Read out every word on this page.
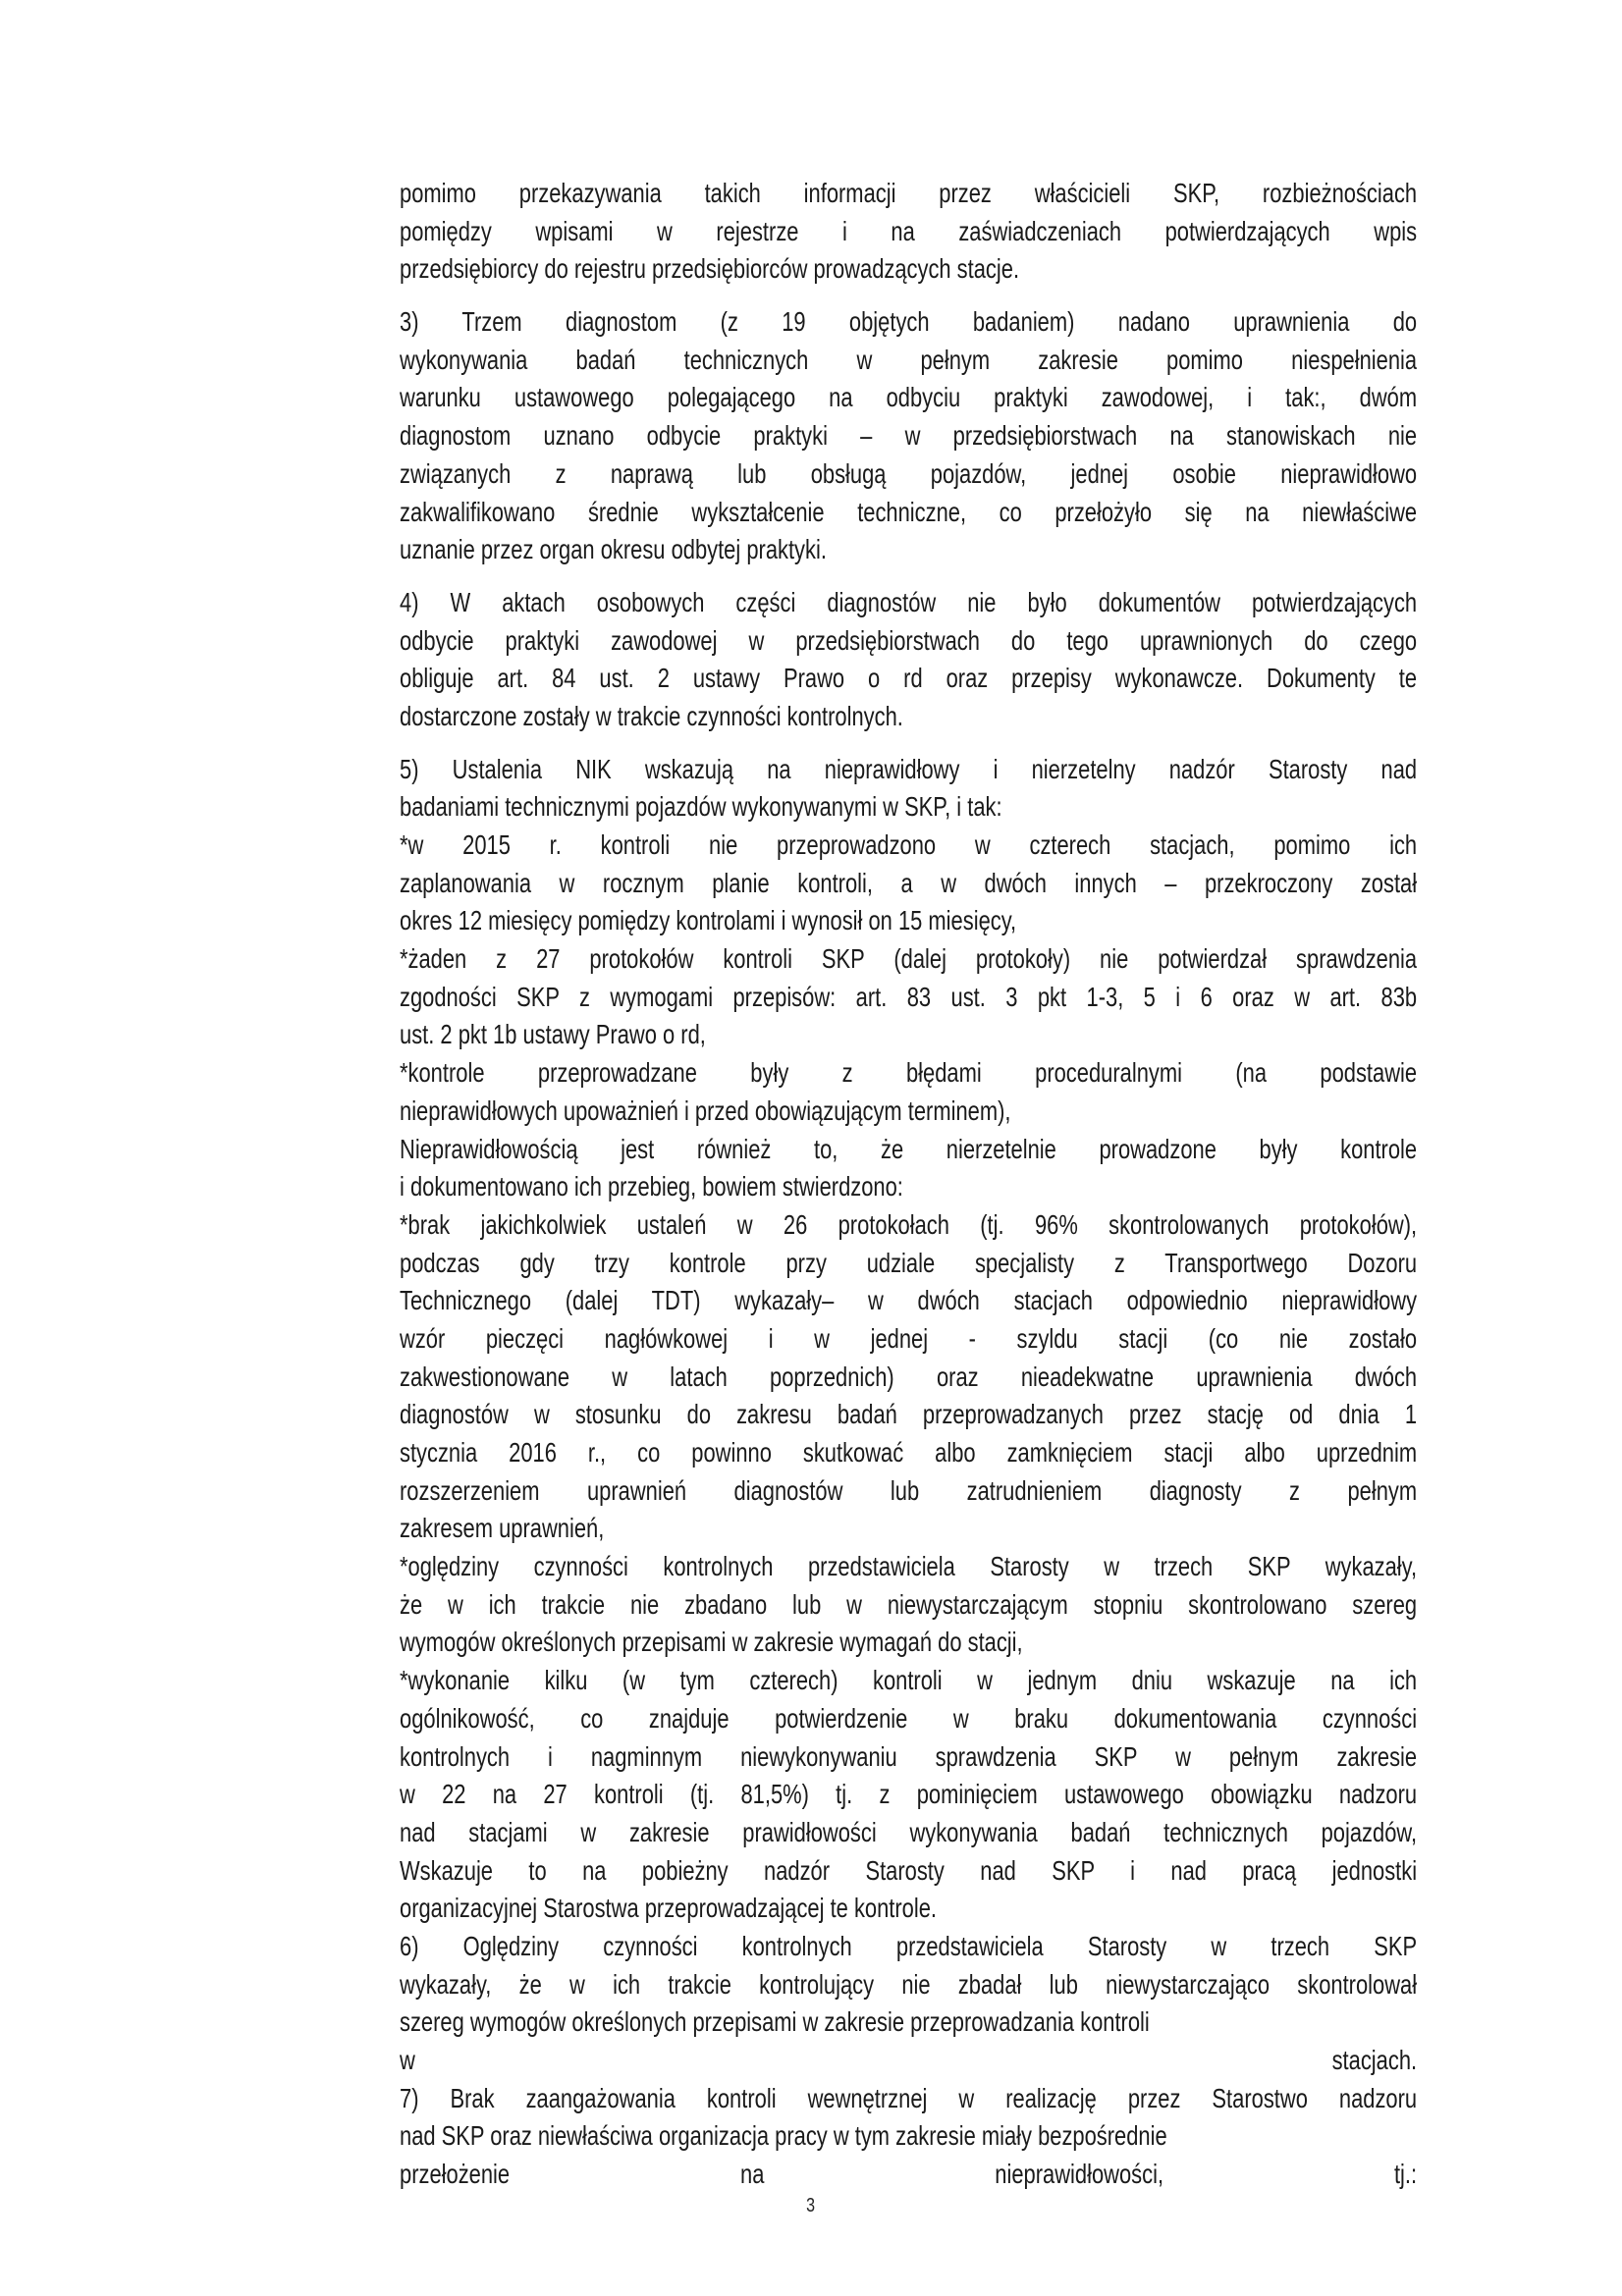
pomimo przekazywania takich informacji przez właścicieli SKP, rozbieżnościach
pomiędzy wpisami w rejestrze i na zaświadczeniach potwierdzających wpis
przedsiębiorcy do rejestru przedsiębiorców prowadzących stacje.
3) Trzem diagnostom (z 19 objętych badaniem) nadano uprawnienia do
wykonywania badań technicznych w pełnym zakresie pomimo niespełnienia
warunku ustawowego polegającego na odbyciu praktyki zawodowej, i tak:, dwóm
diagnostom uznano odbycie praktyki – w przedsiębiorstwach na stanowiskach nie
związanych z naprawą lub obsługą pojazdów, jednej osobie nieprawidłowo
zakwalifikowano średnie wykształcenie techniczne, co przełożyło się na niewłaściwe
uznanie przez organ okresu odbytej praktyki.
4) W aktach osobowych części diagnostów nie było dokumentów potwierdzających
odbycie praktyki zawodowej w przedsiębiorstwach do tego uprawnionych do czego
obliguje art. 84 ust. 2 ustawy Prawo o rd oraz przepisy wykonawcze. Dokumenty te
dostarczone zostały w trakcie czynności kontrolnych.
5) Ustalenia NIK wskazują na nieprawidłowy i nierzetelny nadzór Starosty nad
badaniami technicznymi pojazdów wykonywanymi w SKP, i tak:
*w 2015 r. kontroli nie przeprowadzono w czterech stacjach, pomimo ich
zaplanowania w rocznym planie kontroli, a w dwóch innych – przekroczony został
okres 12 miesięcy pomiędzy kontrolami i wynosił on 15 miesięcy,
*żaden z 27 protokołów kontroli SKP (dalej protokoły) nie potwierdzał sprawdzenia
zgodności SKP z wymogami przepisów: art. 83 ust. 3 pkt 1-3, 5 i 6 oraz w art. 83b
ust. 2 pkt 1b ustawy Prawo o rd,
*kontrole przeprowadzane były z błędami proceduralnymi (na podstawie
nieprawidłowych upoważnień i przed obowiązującym terminem),
Nieprawidłowością jest również to, że nierzetelnie prowadzone były kontrole
i dokumentowano ich przebieg, bowiem stwierdzono:
*brak jakichkolwiek ustaleń w 26 protokołach (tj. 96% skontrolowanych protokołów),
podczas gdy trzy kontrole przy udziale specjalisty z Transportwego Dozoru
Technicznego (dalej TDT) wykazały– w dwóch stacjach odpowiednio nieprawidłowy
wzór pieczęci nagłówkowej i w jednej - szyldu stacji (co nie zostało
zakwestionowane w latach poprzednich) oraz nieadekwatne uprawnienia dwóch
diagnostów w stosunku do zakresu badań przeprowadzanych przez stację od dnia 1
stycznia 2016 r., co powinno skutkować albo zamknięciem stacji albo uprzednim
rozszerzeniem uprawnień diagnostów lub zatrudnieniem diagnosty z pełnym
zakresem uprawnień,
*oględziny czynności kontrolnych przedstawiciela Starosty w trzech SKP wykazały,
że w ich trakcie nie zbadano lub w niewystarczającym stopniu skontrolowano szereg
wymogów określonych przepisami w zakresie wymagań do stacji,
*wykonanie kilku (w tym czterech) kontroli w jednym dniu wskazuje na ich
ogólnikowość, co znajduje potwierdzenie w braku dokumentowania czynności
kontrolnych i nagminnym niewykonywaniu sprawdzenia SKP w pełnym zakresie
w 22 na 27 kontroli (tj. 81,5%) tj. z pominięciem ustawowego obowiązku nadzoru
nad stacjami w zakresie prawidłowości wykonywania badań technicznych pojazdów,
Wskazuje to na pobieżny nadzór Starosty nad SKP i nad pracą jednostki
organizacyjnej Starostwa przeprowadzającej te kontrole.
6) Oględziny czynności kontrolnych przedstawiciela Starosty w trzech SKP
wykazały, że w ich trakcie kontrolujący nie zbadał lub niewystarczająco skontrolował
szereg wymogów określonych przepisami w zakresie przeprowadzania kontroli
w stacjach.
7) Brak zaangażowania kontroli wewnętrznej w realizację przez Starostwo nadzoru
nad SKP oraz niewłaściwa organizacja pracy w tym zakresie miały bezpośrednie
przełożenie na nieprawidłowości, tj.:
3
